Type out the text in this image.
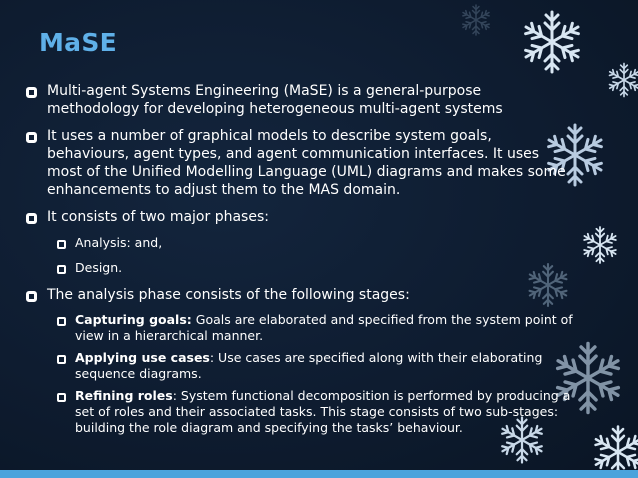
MaSE
Multi-agent Systems Engineering (MaSE) is a general-purpose methodology for developing heterogeneous multi-agent systems
It uses a number of graphical models to describe system goals, behaviours, agent types, and agent communication interfaces. It uses most of the Unified Modelling Language (UML) diagrams and makes some enhancements to adjust them to the MAS domain.
It consists of two major phases:
Analysis: and,
Design.
The analysis phase consists of the following stages:
Capturing goals: Goals are elaborated and specified from the system point of view in a hierarchical manner.
Applying use cases: Use cases are specified along with their elaborating sequence diagrams.
Refining roles: System functional decomposition is performed by producing a set of roles and their associated tasks. This stage consists of two sub-stages: building the role diagram and specifying the tasks’ behaviour.
